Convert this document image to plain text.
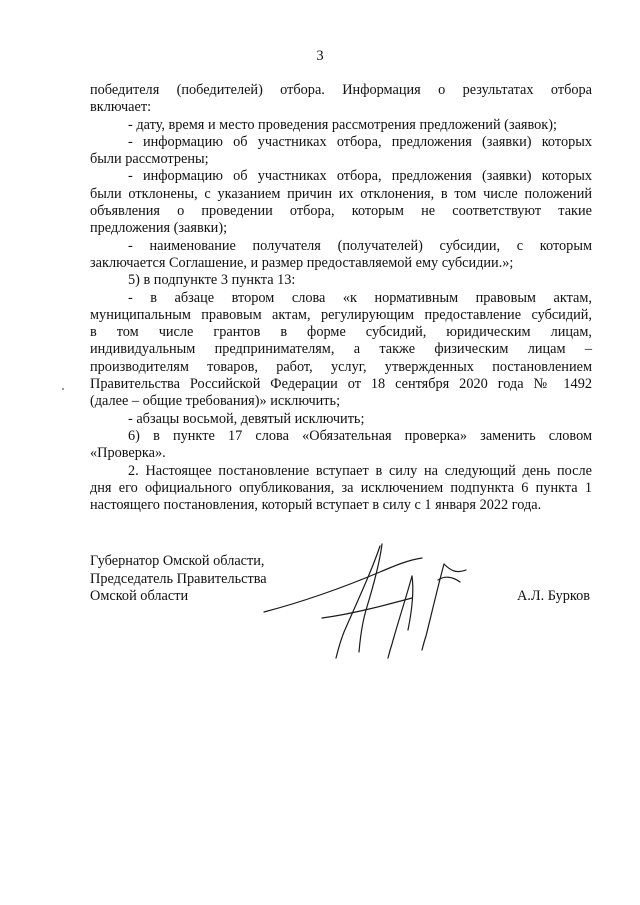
3
победителя (победителей) отбора. Информация о результатах отбора
включает:
- дату, время и место проведения рассмотрения предложений (заявок);
- информацию об участниках отбора, предложения (заявки) которых
были рассмотрены;
- информацию об участниках отбора, предложения (заявки) которых
были отклонены, с указанием причин их отклонения, в том числе положений
объявления о проведении отбора, которым не соответствуют такие
предложения (заявки);
- наименование получателя (получателей) субсидии, с которым
заключается Соглашение, и размер предоставляемой ему субсидии.»;
5) в подпункте 3 пункта 13:
- в абзаце втором слова «к нормативным правовым актам,
муниципальным правовым актам, регулирующим предоставление субсидий,
в том числе грантов в форме субсидий, юридическим лицам,
индивидуальным предпринимателям, а также физическим лицам –
производителям товаров, работ, услуг, утвержденных постановлением
Правительства Российской Федерации от 18 сентября 2020 года № 1492
(далее – общие требования)» исключить;
- абзацы восьмой, девятый исключить;
6) в пункте 17 слова «Обязательная проверка» заменить словом
«Проверка».
2. Настоящее постановление вступает в силу на следующий день после
дня его официального опубликования, за исключением подпункта 6 пункта 1
настоящего постановления, который вступает в силу с 1 января 2022 года.
Губернатор Омской области,
Председатель Правительства
Омской области	А.Л. Бурков
